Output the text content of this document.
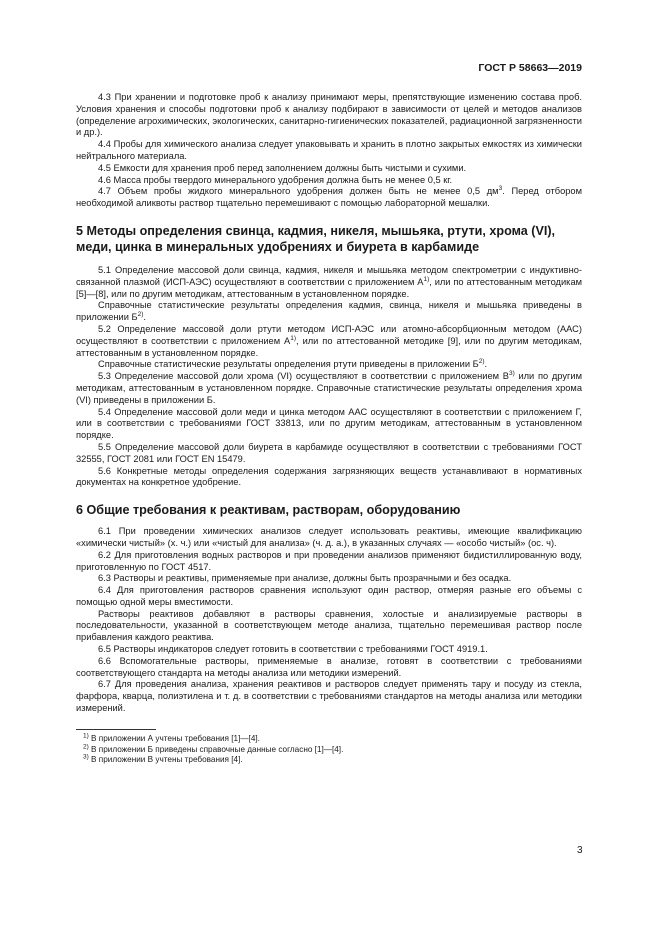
ГОСТ Р 58663—2019

4.3 При хранении и подготовке проб к анализу принимают меры, препятствующие изменению состава проб. Условия хранения и способы подготовки проб к анализу подбирают в зависимости от целей и методов анализов (определение агрохимических, экологических, санитарно-гигиенических показателей, радиационной загрязненности и др.).

4.4 Пробы для химического анализа следует упаковывать и хранить в плотно закрытых емкостях из химически нейтрального материала.

4.5 Емкости для хранения проб перед заполнением должны быть чистыми и сухими.

4.6 Масса пробы твердого минерального удобрения должна быть не менее 0,5 кг.

4.7 Объем пробы жидкого минерального удобрения должен быть не менее 0,5 $дм^3$. Перед отбором необходимой аликвоты раствор тщательно перемешивают с помощью лабораторной мешалки.

5 Методы определения свинца, кадмия, никеля, мышьяка, ртути, хрома (VI), меди, цинка в минеральных удобрениях и биурета в карбамиде

5.1 Определение массовой доли свинца, кадмия, никеля и мышьяка методом спектрометрии с индуктивно-связанной плазмой (ИСП-АЭС) осуществляют в соответствии с приложением $А^{1)}$, или по аттестованным методикам [5]—[8], или по другим методикам, аттестованным в установленном порядке.

Справочные статистические результаты определения кадмия, свинца, никеля и мышьяка приведены в приложении $Б^{2)}$.

5.2 Определение массовой доли ртути методом ИСП-АЭС или атомно-абсорбционным методом (ААС) осуществляют в соответствии с приложением $А^{1)}$, или по аттестованной методике [9], или по другим методикам, аттестованным в установленном порядке.

Справочные статистические результаты определения ртути приведены в приложении $Б^{2)}$.

5.3 Определение массовой доли хрома (VI) осуществляют в соответствии с приложением $В^{3)}$ или по другим методикам, аттестованным в установленном порядке. Справочные статистические результаты определения хрома (VI) приведены в приложении Б.

5.4 Определение массовой доли меди и цинка методом ААС осуществляют в соответствии с приложением Г, или в соответствии с требованиями ГОСТ 33813, или по другим методикам, аттестованным в установленном порядке.

5.5 Определение массовой доли биурета в карбамиде осуществляют в соответствии с требованиями ГОСТ 32555, ГОСТ 2081 или ГОСТ EN 15479.

5.6 Конкретные методы определения содержания загрязняющих веществ устанавливают в нормативных документах на конкретное удобрение.

6 Общие требования к реактивам, растворам, оборудованию

6.1 При проведении химических анализов следует использовать реактивы, имеющие квалификацию «химически чистый» (х. ч.) или «чистый для анализа» (ч. д. а.), в указанных случаях — «особо чистый» (ос. ч).

6.2 Для приготовления водных растворов и при проведении анализов применяют бидистиллированную воду, приготовленную по ГОСТ 4517.

6.3 Растворы и реактивы, применяемые при анализе, должны быть прозрачными и без осадка.

6.4 Для приготовления растворов сравнения используют один раствор, отмеряя разные его объемы с помощью одной меры вместимости.

Растворы реактивов добавляют в растворы сравнения, холостые и анализируемые растворы в последовательности, указанной в соответствующем методе анализа, тщательно перемешивая раствор после прибавления каждого реактива.

6.5 Растворы индикаторов следует готовить в соответствии с требованиями ГОСТ 4919.1.

6.6 Вспомогательные растворы, применяемые в анализе, готовят в соответствии с требованиями соответствующего стандарта на методы анализа или методики измерений.

6.7 Для проведения анализа, хранения реактивов и растворов следует применять тару и посуду из стекла, фарфора, кварца, полиэтилена и т. д. в соответствии с требованиями стандартов на методы анализа или методики измерений.

$^{1)}$ В приложении А учтены требования [1]—[4].

$^{2)}$ В приложении Б приведены справочные данные согласно [1]—[4].

$^{3)}$ В приложении В учтены требования [4].

3
